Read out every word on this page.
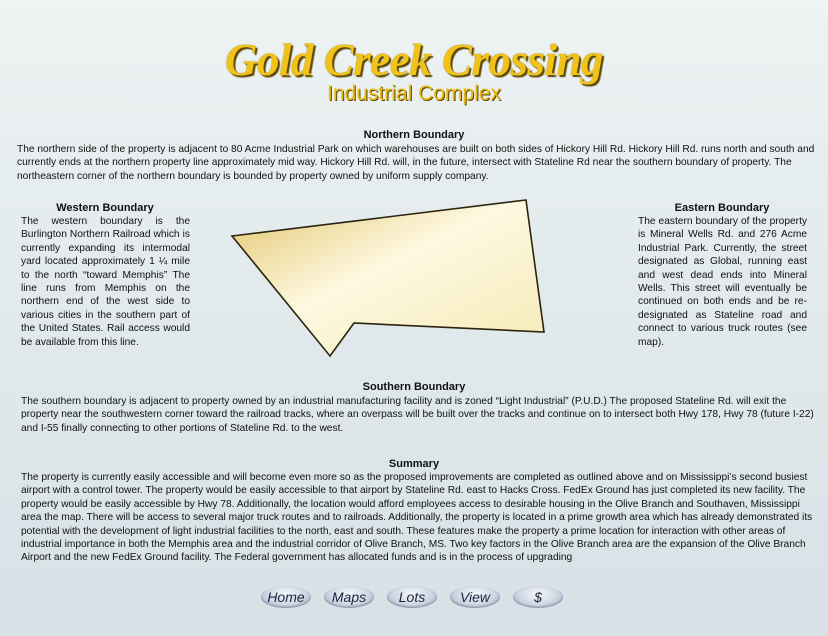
Gold Creek Crossing
Industrial Complex
Northern Boundary

The northern side of the property is adjacent to 80 Acme Industrial Park on which warehouses are built on both sides of Hickory Hill Rd. Hickory Hill Rd. runs north and south and currently ends at the northern property line approximately mid way. Hickory Hill Rd. will, in the future, intersect with Stateline Rd near the southern boundary of property. The northeastern corner of the northern boundary is bounded by property owned by uniform supply company.

Western Boundary

The western boundary is the Burlington Northern Railroad which is currently expanding its intermodal yard located approximately 1 ¼ mile to the north “toward Memphis” The line runs from Memphis on the northern end of the west side to various cities in the southern part of the United States. Rail access would be available from this line.

Eastern Boundary

The eastern boundary of the property is Mineral Wells Rd. and 276 Acme Industrial Park. Currently, the street designated as Global, running east and west dead ends into Mineral Wells. This street will eventually be continued on both ends and be re-designated as Stateline road and connect to various truck routes (see map).

Southern Boundary

The southern boundary is adjacent to property owned by an industrial manufacturing facility and is zoned “Light Industrial” (P.U.D.) The proposed Stateline Rd. will exit the property near the southwestern corner toward the railroad tracks, where an overpass will be built over the tracks and continue on to intersect both Hwy 178, Hwy 78 (future I-22) and I-55 finally connecting to other portions of Stateline Rd. to the west.

Summary

The property is currently easily accessible and will become even more so as the proposed improvements are completed as outlined above and on Mississippi’s second busiest airport with a control tower. The property would be easily accessible to that airport by Stateline Rd. east to Hacks Cross. FedEx Ground has just completed its new facility. The property would be easily accessible by Hwy 78. Additionally, the location would afford employees access to desirable housing in the Olive Branch and Southaven, Mississippi area the map. There will be access to several major truck routes and to railroads. Additionally, the property is located in a prime growth area which has already demonstrated its potential with the development of light industrial facilities to the north, east and south. These features make the property a prime location for interaction with other areas of industrial importance in both the Memphis area and the industrial corridor of Olive Branch, MS. Two key factors in the Olive Branch area are the expansion of the Olive Branch Airport and the new FedEx Ground facility. The Federal government has allocated funds and is in the process of upgrading

Home	Maps	Lots	View	$
